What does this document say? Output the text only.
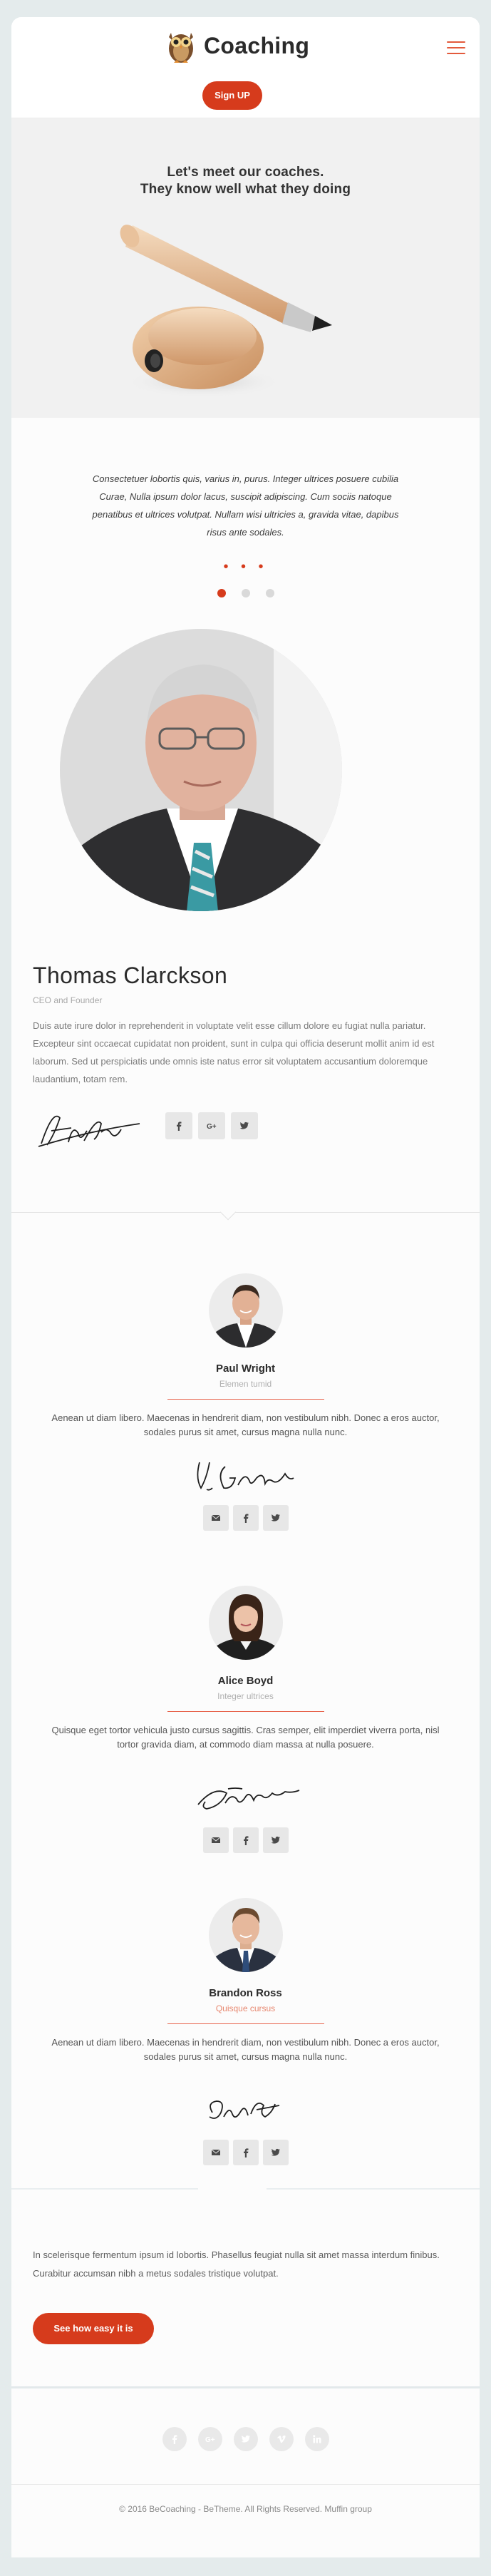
Coaching
Sign UP
Let's meet our coaches.
They know well what they doing
Consectetuer lobortis quis, varius in, purus. Integer ultrices posuere cubilia Curae, Nulla ipsum dolor lacus, suscipit adipiscing. Cum sociis natoque penatibus et ultrices volutpat. Nullam wisi ultricies a, gravida vitae, dapibus risus ante sodales.
• • •
Thomas Clarckson
CEO and Founder
Duis aute irure dolor in reprehenderit in voluptate velit esse cillum dolore eu fugiat nulla pariatur. Excepteur sint occaecat cupidatat non proident, sunt in culpa qui officia deserunt mollit anim id est laborum. Sed ut perspiciatis unde omnis iste natus error sit voluptatem accusantium doloremque laudantium, totam rem.
G+
Paul Wright
Elemen tumid
Aenean ut diam libero. Maecenas in hendrerit diam, non vestibulum nibh. Donec a eros auctor, sodales purus sit amet, cursus magna nulla nunc.
Alice Boyd
Integer ultrices
Quisque eget tortor vehicula justo cursus sagittis. Cras semper, elit imperdiet viverra porta, nisl tortor gravida diam, at commodo diam massa at nulla posuere.
Brandon Ross
Quisque cursus
Aenean ut diam libero. Maecenas in hendrerit diam, non vestibulum nibh. Donec a eros auctor, sodales purus sit amet, cursus magna nulla nunc.
In scelerisque fermentum ipsum id lobortis. Phasellus feugiat nulla sit amet massa interdum finibus. Curabitur accumsan nibh a metus sodales tristique volutpat.
See how easy it is
G+
© 2016 BeCoaching - BeTheme. All Rights Reserved. Muffin group
